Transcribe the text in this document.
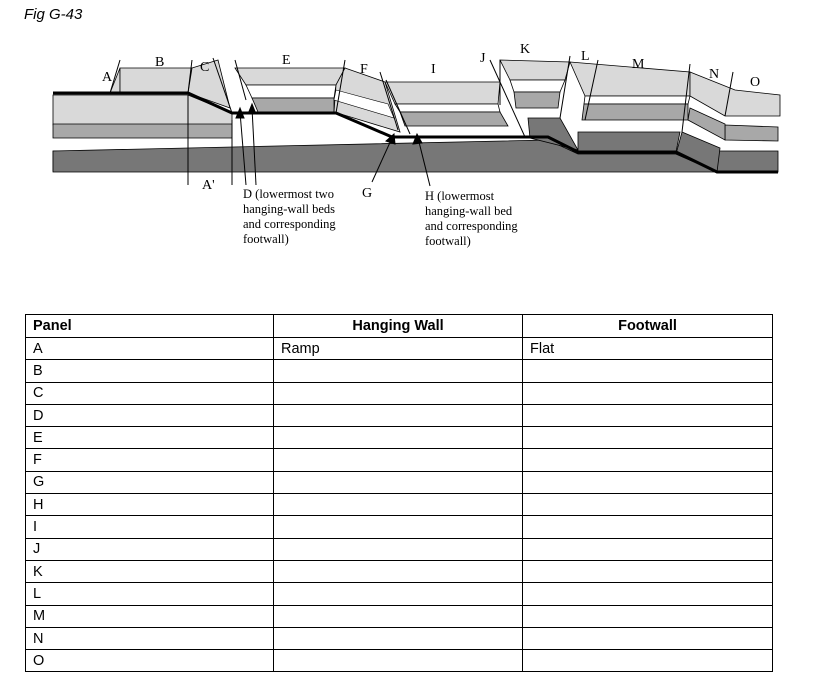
Fig G-43
A
B	C	E
F	I
J
K	L
M
N
O
A'
D (lowermost two
hanging-wall beds
and corresponding
footwall)
G	H (lowermost
hanging-wall bed
and corresponding
footwall)
Panel	Hanging Wall	Footwall
A	Ramp	Flat
B		
C		
D		
E		
F		
G		
H		
I		
J		
K		
L		
M		
N		
O		
